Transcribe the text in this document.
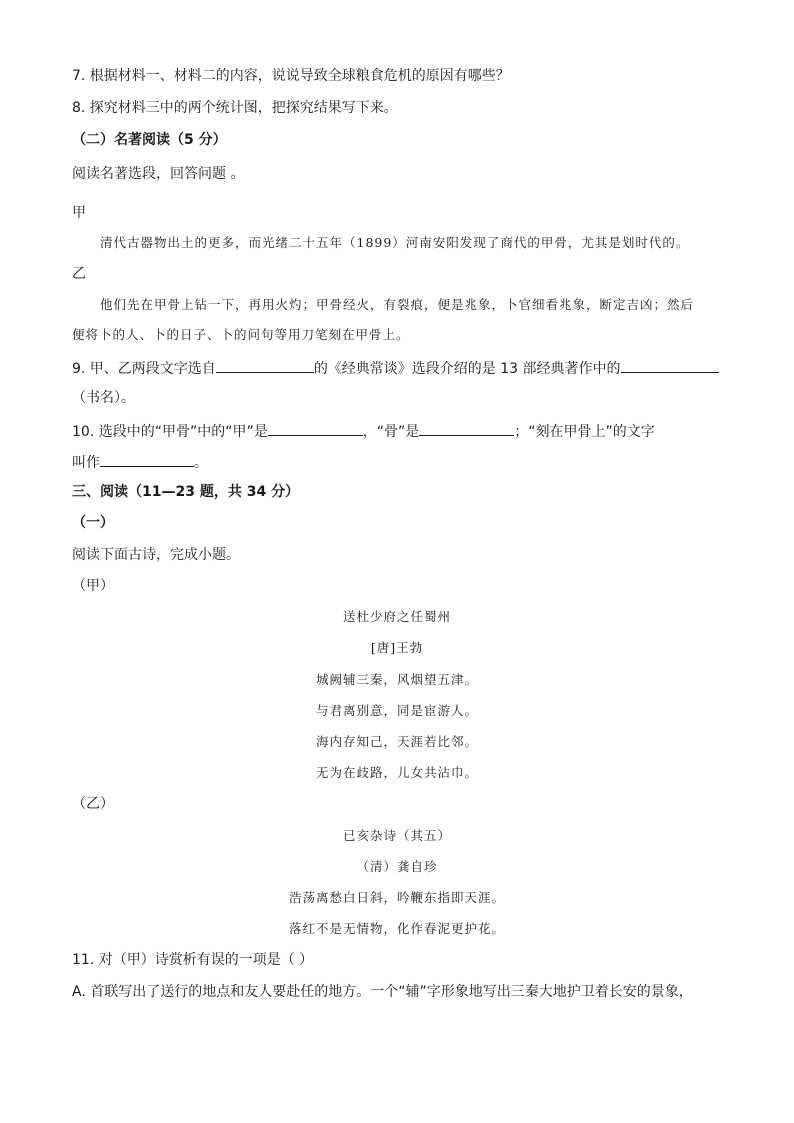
7. 根据材料一、材料二的内容，说说导致全球粮食危机的原因有哪些？
8. 探究材料三中的两个统计图，把探究结果写下来。
（二）名著阅读（5 分）
阅读名著选段，回答问题 。
甲
清代古器物出土的更多，而光绪二十五年（1899）河南安阳发现了商代的甲骨，尤其是划时代的。
乙
他们先在甲骨上钻一下，再用火灼；甲骨经火，有裂痕，便是兆象，卜官细看兆象，断定吉凶；然后
便将卜的人、卜的日子、卜的问句等用刀笔刻在甲骨上。
9. 甲、乙两段文字选自	的《经典常谈》选段介绍的是 13 部经典著作中的
（书名）。
10. 选段中的“甲骨”中的“甲”是	，“骨”是	；“刻在甲骨上”的文字
叫作	。
三、阅读（11—23 题，共 34 分）
（一）
阅读下面古诗，完成小题。
（甲）
送杜少府之任蜀州
[唐]王勃
城阙辅三秦，风烟望五津。
与君离别意，同是宦游人。
海内存知己，天涯若比邻。
无为在歧路，儿女共沾巾。
（乙）
已亥杂诗（其五）
（清）龚自珍
浩荡离愁白日斜，吟鞭东指即天涯。
落红不是无情物，化作春泥更护花。
11. 对（甲）诗赏析有误的一项是（ ）
A. 首联写出了送行的地点和友人要赴任的地方。一个“辅”字形象地写出三秦大地护卫着长安的景象，
